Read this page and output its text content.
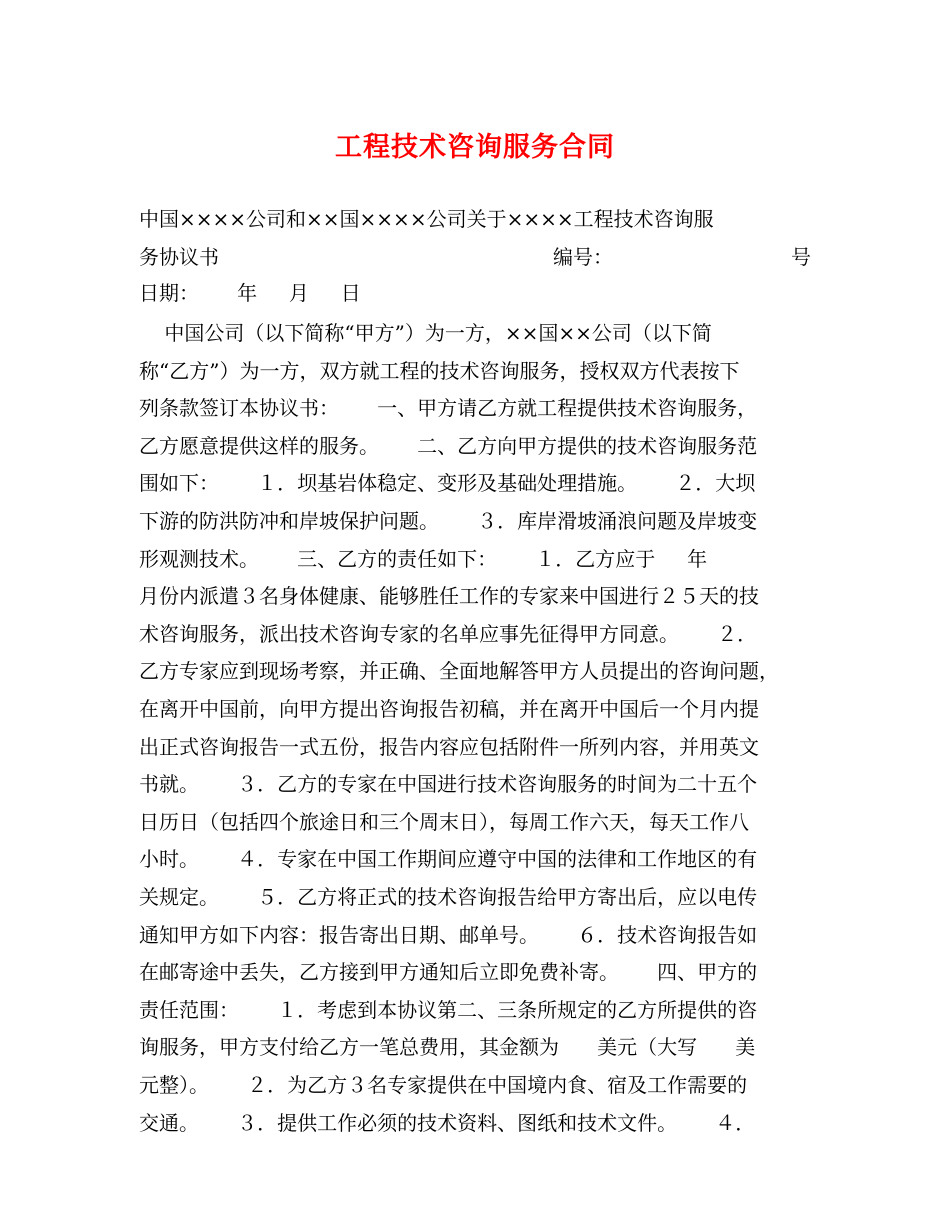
工程技术咨询服务合同
中国××××公司和××国××××公司关于××××工程技术咨询服

务协议书

	编号：

	号

日期：      年     月     日
中国公司（以下简称“甲方”）为一方，××国××公司（以下简
称“乙方”）为一方，双方就工程的技术咨询服务，授权双方代表按下
列条款签订本协议书：      一、甲方请乙方就工程提供技术咨询服务，
乙方愿意提供这样的服务。      二、乙方向甲方提供的技术咨询服务范
围如下：      １．坝基岩体稳定、变形及基础处理措施。      ２．大坝
下游的防洪防冲和岸坡保护问题。      ３．库岸滑坡涌浪问题及岸坡变
形观测技术。      三、乙方的责任如下：      １．乙方应于     年
月份内派遣３名身体健康、能够胜任工作的专家来中国进行２５天的技
术咨询服务，派出技术咨询专家的名单应事先征得甲方同意。      ２．
乙方专家应到现场考察，并正确、全面地解答甲方人员提出的咨询问题，
在离开中国前，向甲方提出咨询报告初稿，并在离开中国后一个月内提
出正式咨询报告一式五份，报告内容应包括附件一所列内容，并用英文
书就。      ３．乙方的专家在中国进行技术咨询服务的时间为二十五个
日历日（包括四个旅途日和三个周末日），每周工作六天，每天工作八
小时。      ４．专家在中国工作期间应遵守中国的法律和工作地区的有
关规定。      ５．乙方将正式的技术咨询报告给甲方寄出后，应以电传
通知甲方如下内容：报告寄出日期、邮单号。      ６．技术咨询报告如
在邮寄途中丢失，乙方接到甲方通知后立即免费补寄。      四、甲方的
责任范围：      １．考虑到本协议第二、三条所规定的乙方所提供的咨
询服务，甲方支付给乙方一笔总费用，其金额为      美元（大写      美
元整）。      ２．为乙方３名专家提供在中国境内食、宿及工作需要的
交通。      ３．提供工作必须的技术资料、图纸和技术文件。      ４．
